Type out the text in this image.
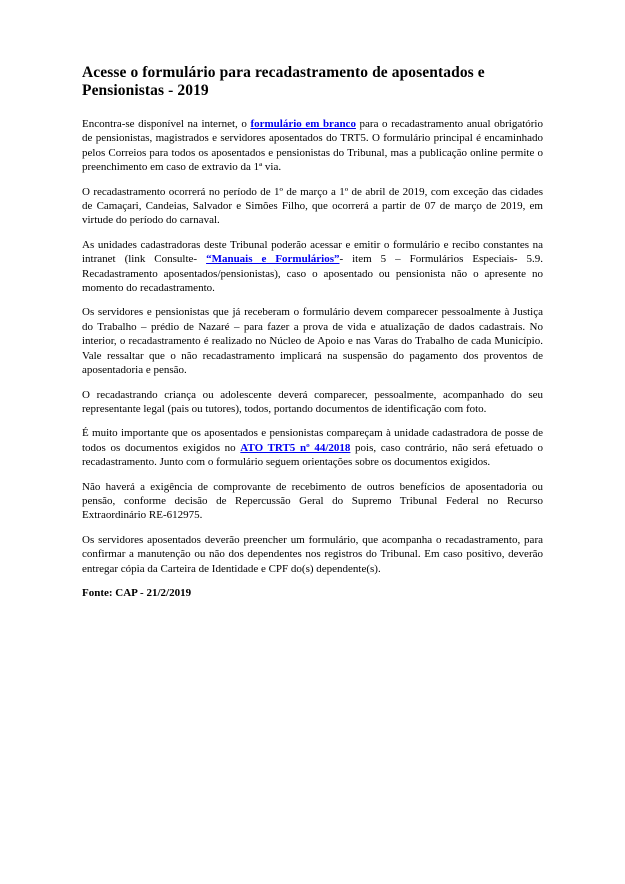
Acesse o formulário para recadastramento de aposentados e Pensionistas - 2019

Encontra-se disponível na internet, o formulário em branco para o recadastramento anual obrigatório de pensionistas, magistrados e servidores aposentados do TRT5. O formulário principal é encaminhado pelos Correios para todos os aposentados e pensionistas do Tribunal, mas a publicação online permite o preenchimento em caso de extravio da 1ª via.

O recadastramento ocorrerá no período de 1º de março a 1º de abril de 2019, com exceção das cidades de Camaçari, Candeias, Salvador e Simões Filho, que ocorrerá a partir de 07 de março de 2019, em virtude do período do carnaval.

As unidades cadastradoras deste Tribunal poderão acessar e emitir o formulário e recibo constantes na intranet (link Consulte- “Manuais e Formulários”- item 5 – Formulários Especiais- 5.9. Recadastramento aposentados/pensionistas), caso o aposentado ou pensionista não o apresente no momento do recadastramento.

Os servidores e pensionistas que já receberam o formulário devem comparecer pessoalmente à Justiça do Trabalho – prédio de Nazaré – para fazer a prova de vida e atualização de dados cadastrais. No interior, o recadastramento é realizado no Núcleo de Apoio e nas Varas do Trabalho de cada Município. Vale ressaltar que o não recadastramento implicará na suspensão do pagamento dos proventos de aposentadoria e pensão.

O recadastrando criança ou adolescente deverá comparecer, pessoalmente, acompanhado do seu representante legal (pais ou tutores), todos, portando documentos de identificação com foto.

É muito importante que os aposentados e pensionistas compareçam à unidade cadastradora de posse de todos os documentos exigidos no ATO TRT5 nº 44/2018 pois, caso contrário, não será efetuado o recadastramento. Junto com o formulário seguem orientações sobre os documentos exigidos.

Não haverá a exigência de comprovante de recebimento de outros benefícios de aposentadoria ou pensão, conforme decisão de Repercussão Geral do Supremo Tribunal Federal no Recurso Extraordinário RE-612975.

Os servidores aposentados deverão preencher um formulário, que acompanha o recadastramento, para confirmar a manutenção ou não dos dependentes nos registros do Tribunal. Em caso positivo, deverão entregar cópia da Carteira de Identidade e CPF do(s) dependente(s).

Fonte: CAP - 21/2/2019
